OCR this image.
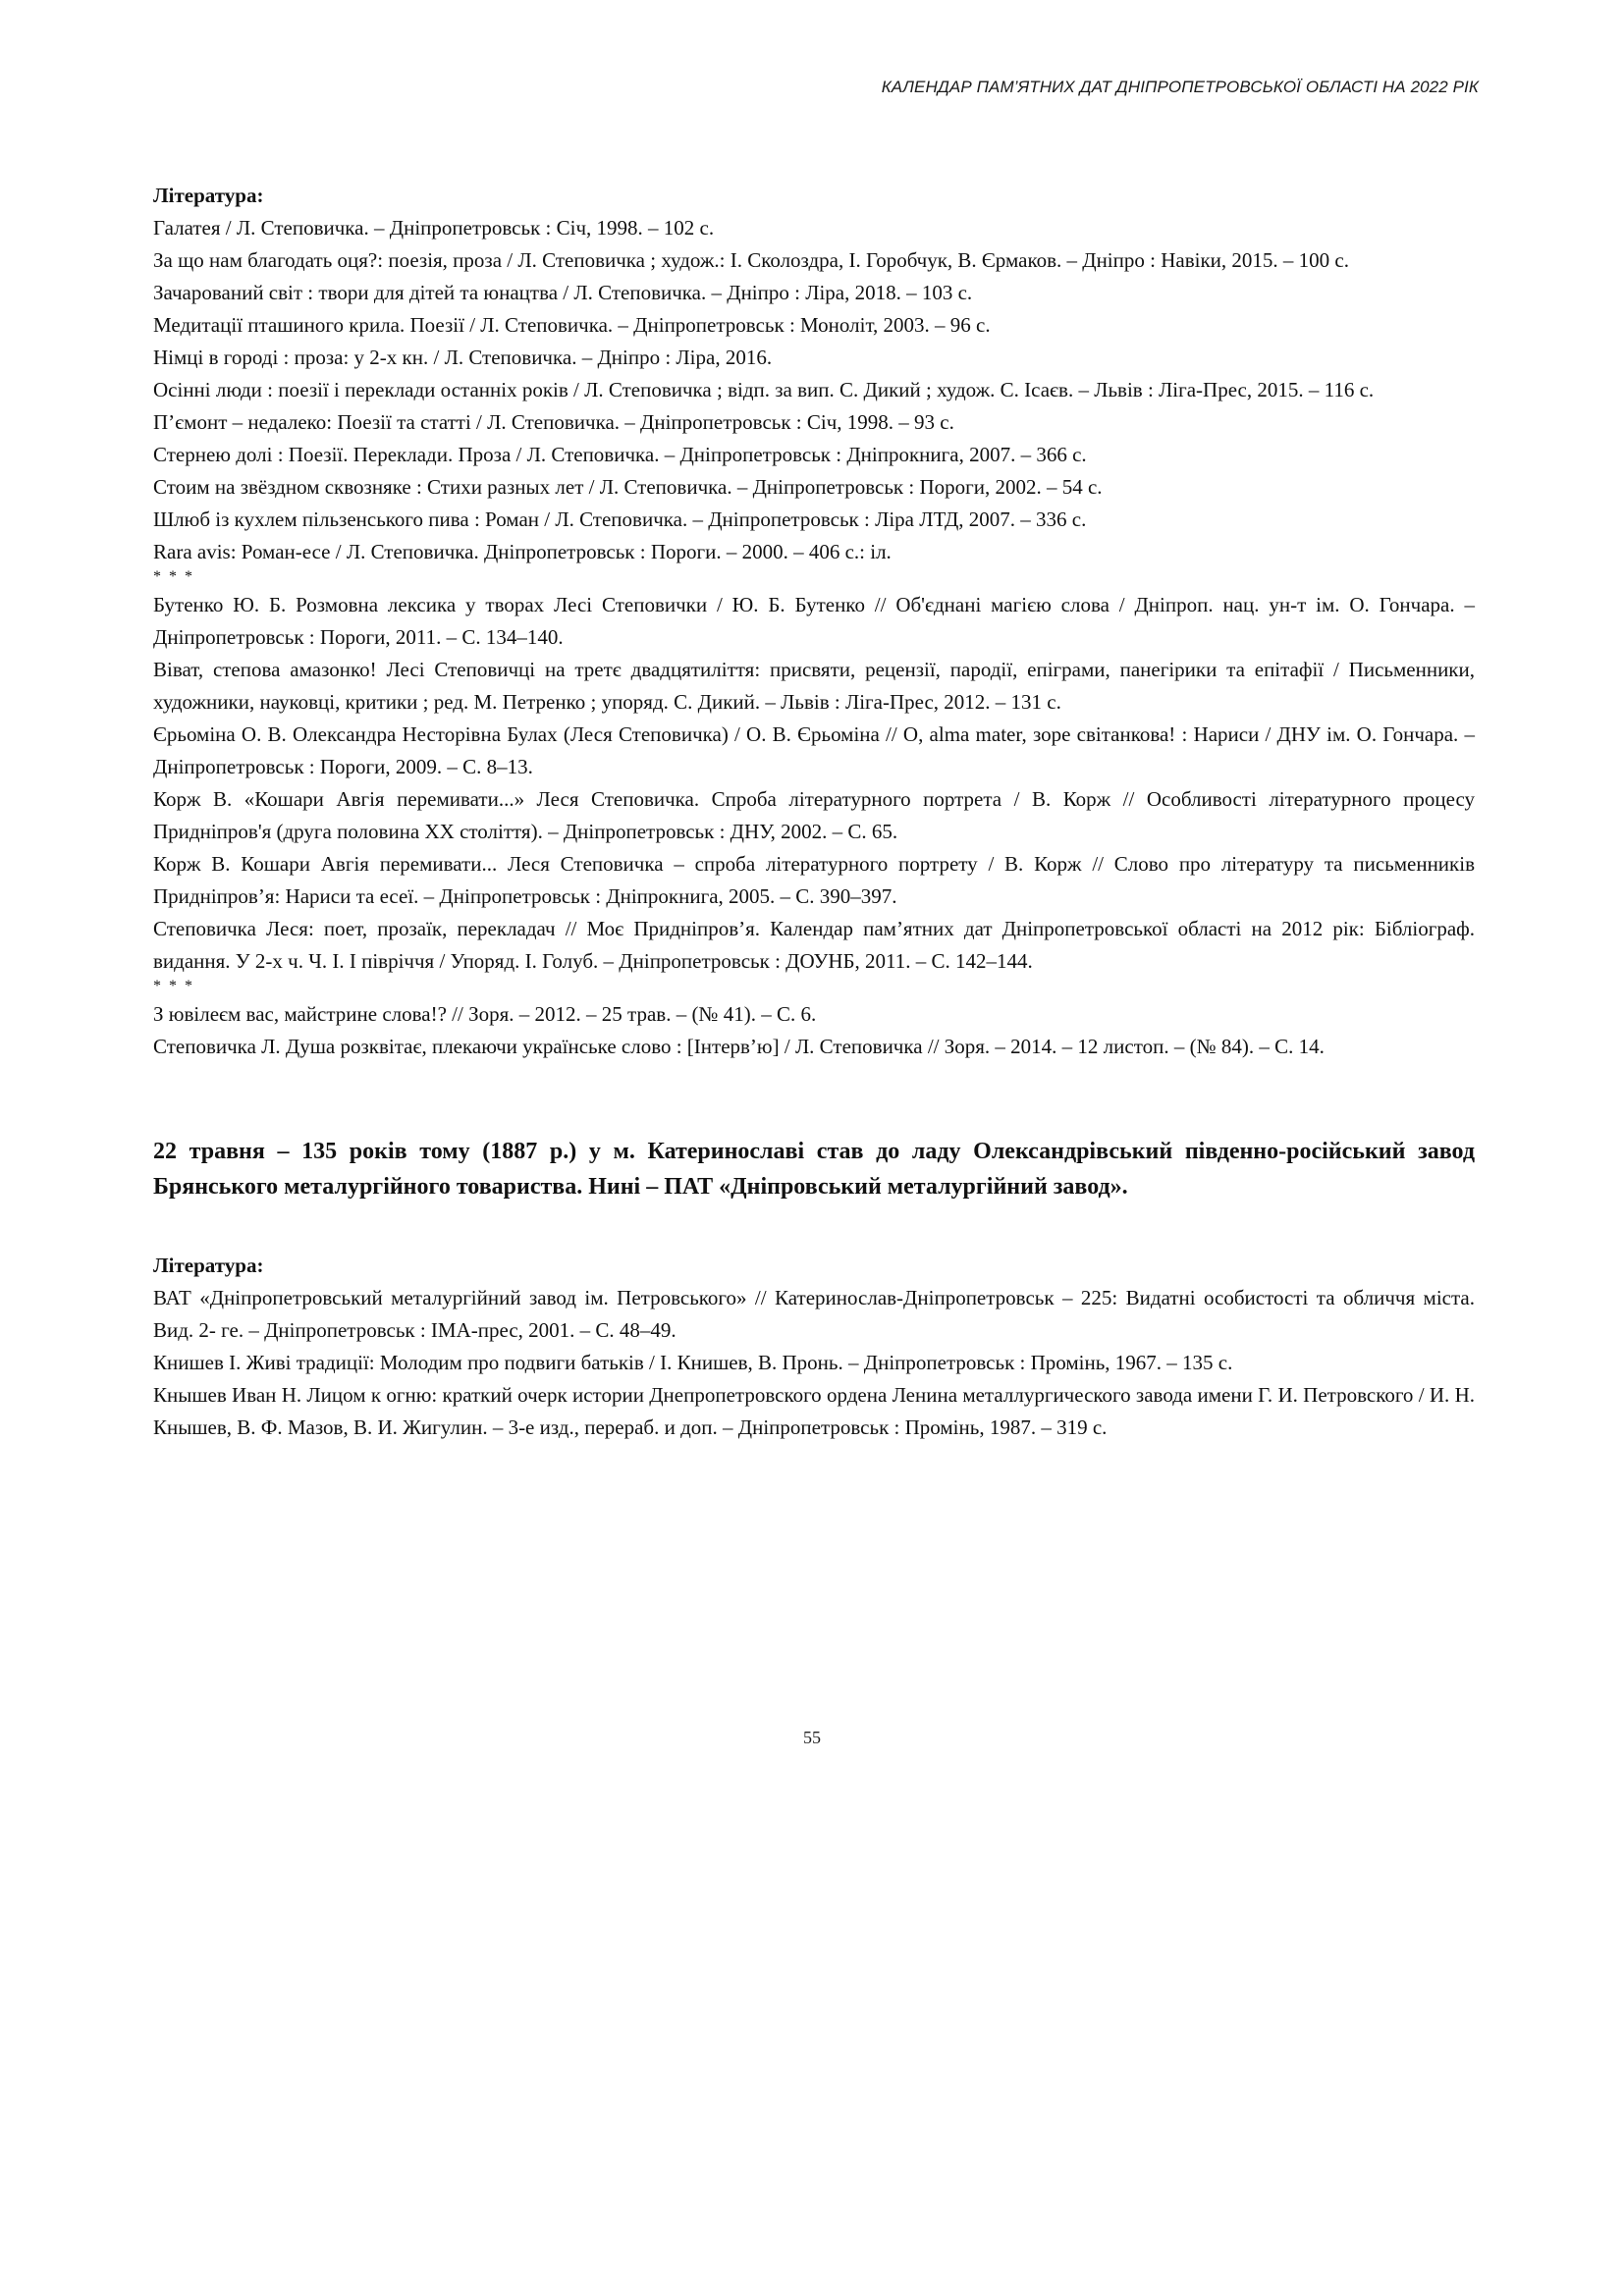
КАЛЕНДАР ПАМ’ЯТНИХ ДАТ ДНІПРОПЕТРОВСЬКОЇ ОБЛАСТІ НА 2022 РІК
Література:
Галатея / Л. Степовичка. – Дніпропетровськ : Січ, 1998. – 102 с.
За що нам благодать оця?: поезія, проза / Л. Степовичка ; худож.: І. Сколоздра, І. Горобчук, В. Єрмаков. – Дніпро : Навіки, 2015. – 100 с.
Зачарований світ : твори для дітей та юнацтва / Л. Степовичка. – Дніпро : Ліра, 2018. – 103 с.
Медитації пташиного крила. Поезії / Л. Степовичка. – Дніпропетровськ : Моноліт, 2003. – 96 с.
Німці в городі : проза: у 2-х кн. / Л. Степовичка. – Дніпро : Ліра, 2016.
Осінні люди : поезії і переклади останніх років / Л. Степовичка ; відп. за вип. С. Дикий ; худож. С. Ісаєв. – Львів : Ліга-Прес, 2015. – 116 с.
П’ємонт – недалеко: Поезії та статті / Л. Степовичка. – Дніпропетровськ : Січ, 1998. – 93 с.
Стернею долі : Поезії. Переклади. Проза / Л. Степовичка. – Дніпропетровськ : Дніпрокнига, 2007. – 366 с.
Стоим на звёздном сквозняке : Стихи разных лет / Л. Степовичка. – Дніпропетровськ : Пороги, 2002. – 54 с.
Шлюб із кухлем пільзенського пива : Роман / Л. Степовичка. – Дніпропетровськ : Ліра ЛТД, 2007. – 336 с.
Rara avis: Роман-есе / Л. Степовичка. Дніпропетровськ : Пороги. – 2000. – 406 с.: іл.
* * *
Бутенко Ю. Б. Розмовна лексика у творах Лесі Степовички / Ю. Б. Бутенко // Об'єднані магією слова / Дніпроп. нац. ун-т ім. О. Гончара. – Дніпропетровськ : Пороги, 2011. – С. 134–140.
Віват, степова амазонко! Лесі Степовичці на третє двадцятиліття: присвяти, рецензії, пародії, епіграми, панегірики та епітафії / Письменники, художники, науковці, критики ; ред. М. Петренко ; упоряд. С. Дикий. – Львів : Ліга-Прес, 2012. – 131 с.
Єрьоміна О. В. Олександра Несторівна Булах (Леся Степовичка) / О. В. Єрьоміна // О, alma mater, зоре світанкова! : Нариси / ДНУ ім. О. Гончара. – Дніпропетровськ : Пороги, 2009. – С. 8–13.
Корж В. «Кошари Авгія перемивати...» Леся Степовичка. Спроба літературного портрета / В. Корж // Особливості літературного процесу Придніпров'я (друга половина XX століття). – Дніпропетровськ : ДНУ, 2002. – С. 65.
Корж В. Кошари Авгія перемивати... Леся Степовичка – спроба літературного портрету / В. Корж // Слово про літературу та письменників Придніпров’я: Нариси та есеї. – Дніпропетровськ : Дніпрокнига, 2005. – С. 390–397.
Степовичка Леся: поет, прозаїк, перекладач // Моє Придніпров’я. Календар пам’ятних дат Дніпропетровської області на 2012 рік: Бібліограф. видання. У 2-х ч. Ч. І. І півріччя / Упоряд. І. Голуб. – Дніпропетровськ : ДОУНБ, 2011. – С. 142–144.
* * *
З ювілеєм вас, майстрине слова!? // Зоря. – 2012. – 25 трав. – (№ 41). – С. 6.
Степовичка Л. Душа розквітає, плекаючи українське слово : [Інтерв’ю] / Л. Степовичка // Зоря. – 2014. – 12 листоп. – (№ 84). – С. 14.
22 травня – 135 років тому (1887 р.) у м. Катеринославі став до ладу Олександрівський південно-російський завод Брянського металургійного товариства. Нині – ПАТ «Дніпровський металургійний завод».
Література:
ВАТ «Дніпропетровський металургійний завод ім. Петровського» // Катеринослав-Дніпропетровськ – 225: Видатні особистості та обличчя міста. Вид. 2- ге. – Дніпропетровськ : ІМА-прес, 2001. – С. 48–49.
Книшев І. Живі традиції: Молодим про подвиги батьків / І. Книшев, В. Пронь. – Дніпропетровськ : Промінь, 1967. – 135 с.
Кнышев Иван Н. Лицом к огню: краткий очерк истории Днепропетровского ордена Ленина металлургического завода имени Г. И. Петровского / И. Н. Кнышев, В. Ф. Мазов, В. И. Жигулин. – 3-е изд., перераб. и доп. – Дніпропетровськ : Промінь, 1987. – 319 с.
55
